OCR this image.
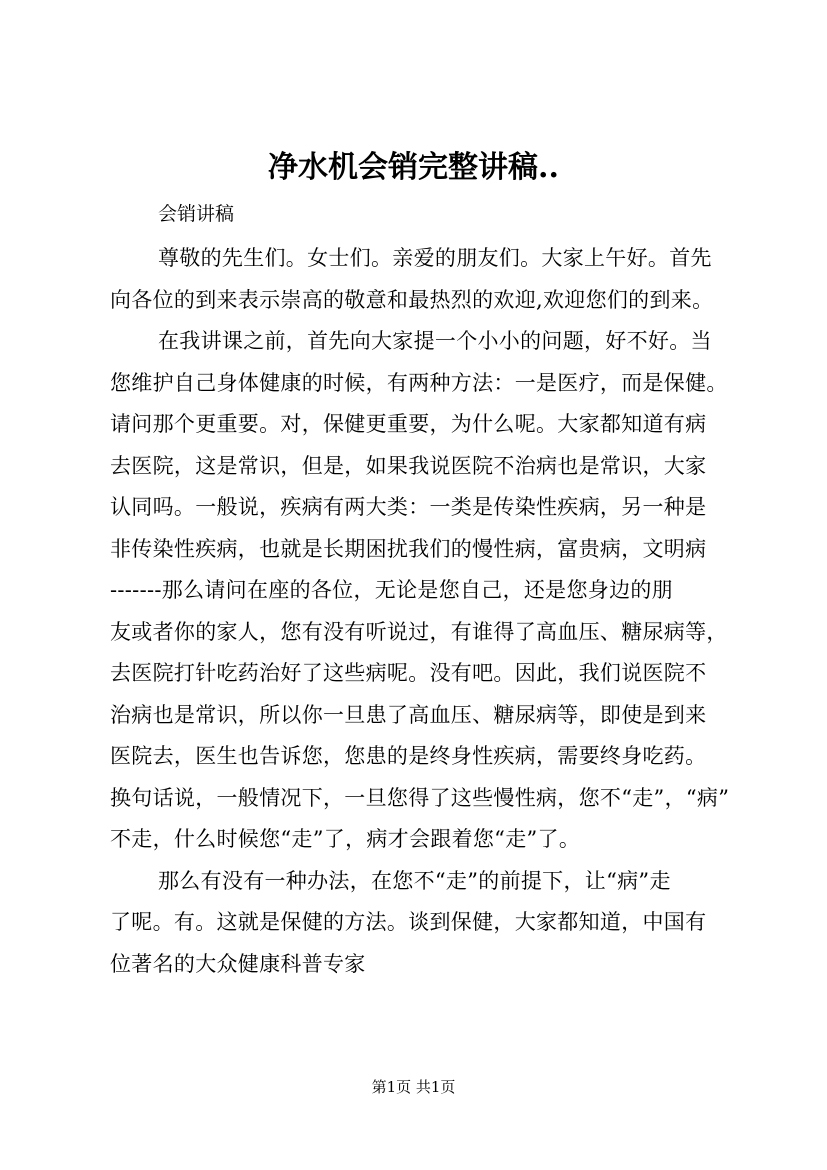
净水机会销完整讲稿..
会销讲稿
尊敬的先生们。女士们。亲爱的朋友们。大家上午好。首先
向各位的到来表示崇高的敬意和最热烈的欢迎,欢迎您们的到来。
在我讲课之前，首先向大家提一个小小的问题，好不好。当
您维护自己身体健康的时候，有两种方法：一是医疗，而是保健。
请问那个更重要。对，保健更重要，为什么呢。大家都知道有病
去医院，这是常识，但是，如果我说医院不治病也是常识，大家
认同吗。一般说，疾病有两大类：一类是传染性疾病，另一种是
非传染性疾病，也就是长期困扰我们的慢性病，富贵病，文明病
-------那么请问在座的各位，无论是您自己，还是您身边的朋
友或者你的家人，您有没有听说过，有谁得了高血压、糖尿病等，
去医院打针吃药治好了这些病呢。没有吧。因此，我们说医院不
治病也是常识，所以你一旦患了高血压、糖尿病等，即使是到来
医院去，医生也告诉您，您患的是终身性疾病，需要终身吃药。
换句话说，一般情况下，一旦您得了这些慢性病，您不“走”，“病”
不走，什么时候您“走”了，病才会跟着您“走”了。
那么有没有一种办法，在您不“走”的前提下，让“病”走
了呢。有。这就是保健的方法。谈到保健，大家都知道，中国有
位著名的大众健康科普专家
第1页 共1页
